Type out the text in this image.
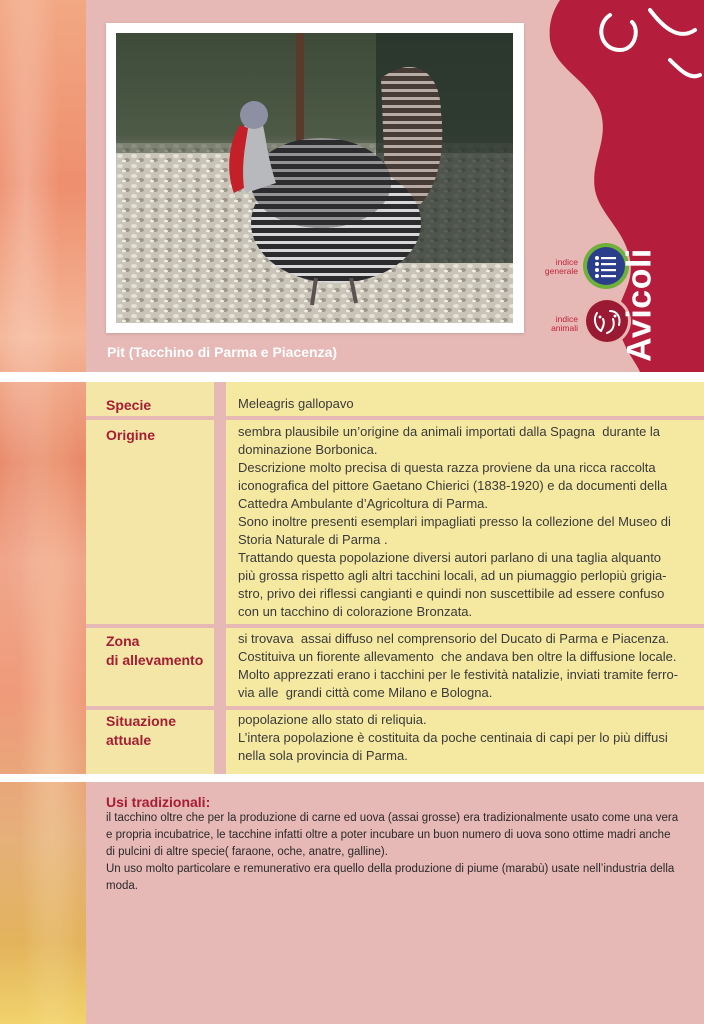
Pit (Tacchino di Parma e Piacenza)
indice
generale
indice
animali Avicoli
Specie	Meleagris gallopavo
Origine	sembra plausibile un’origine da animali importati dalla Spagna  durante la
dominazione Borbonica.
Descrizione molto precisa di questa razza proviene da una ricca raccolta
iconografica del pittore Gaetano Chierici (1838-1920) e da documenti della
Cattedra Ambulante d’Agricoltura di Parma.
Sono inoltre presenti esemplari impagliati presso la collezione del Museo di
Storia Naturale di Parma .
Trattando questa popolazione diversi autori parlano di una taglia alquanto
più grossa rispetto agli altri tacchini locali, ad un piumaggio perlopiù grigia-
stro, privo dei riflessi cangianti e quindi non suscettibile ad essere confuso
con un tacchino di colorazione Bronzata.
Zona
di allevamento
si trovava  assai diffuso nel comprensorio del Ducato di Parma e Piacenza.
Costituiva un fiorente allevamento  che andava ben oltre la diffusione locale.
Molto apprezzati erano i tacchini per le festività natalizie, inviati tramite ferro-
via alle  grandi città come Milano e Bologna.
Situazione
attuale
popolazione allo stato di reliquia.
L’intera popolazione è costituita da poche centinaia di capi per lo più diffusi
nella sola provincia di Parma.
Usi tradizionali:
il tacchino oltre che per la produzione di carne ed uova (assai grosse) era tradizionalmente usato come una vera
e propria incubatrice, le tacchine infatti oltre a poter incubare un buon numero di uova sono ottime madri anche
di pulcini di altre specie( faraone, oche, anatre, galline).
Un uso molto particolare e remunerativo era quello della produzione di piume (marabù) usate nell’industria della
moda.
